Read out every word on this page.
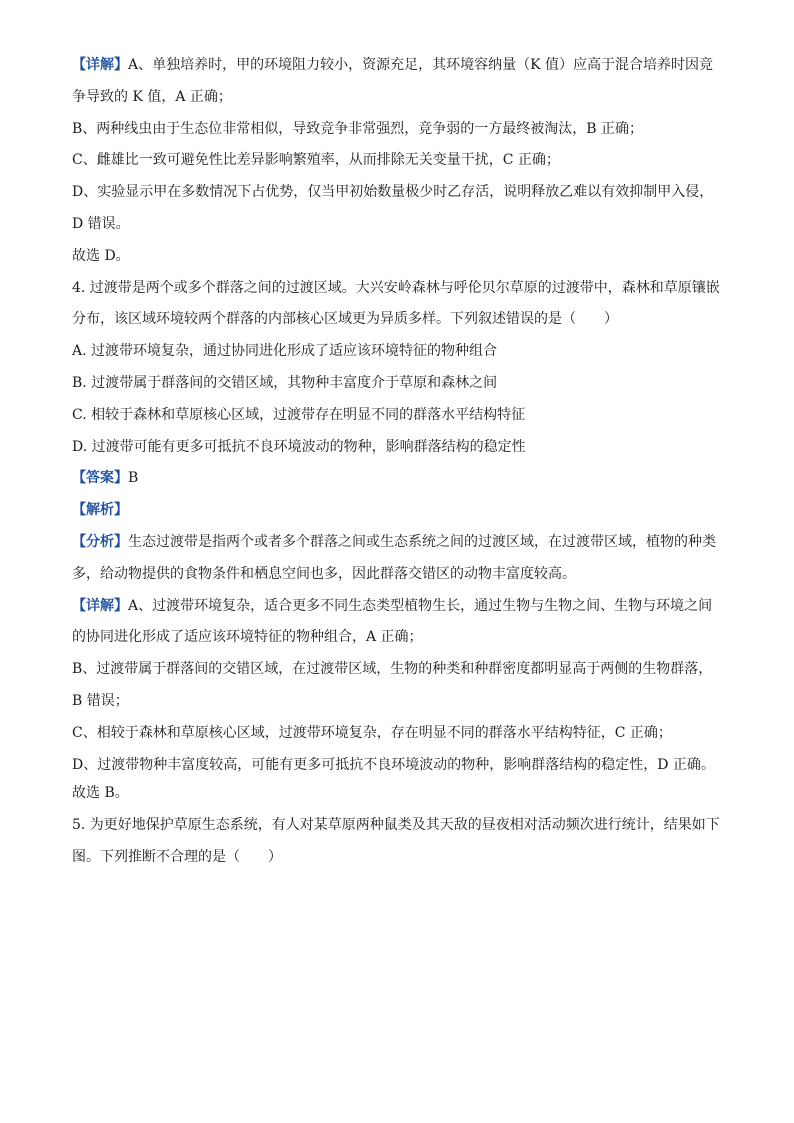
【详解】A、单独培养时，甲的环境阻力较小，资源充足，其环境容纳量（K 值）应高于混合培养时因竞
争导致的 K 值，A 正确；
B、两种线虫由于生态位非常相似，导致竞争非常强烈，竞争弱的一方最终被淘汰，B 正确；
C、雌雄比一致可避免性比差异影响繁殖率，从而排除无关变量干扰，C 正确；
D、实验显示甲在多数情况下占优势，仅当甲初始数量极少时乙存活，说明释放乙难以有效抑制甲入侵，
D 错误。
故选 D。
4. 过渡带是两个或多个群落之间的过渡区域。大兴安岭森林与呼伦贝尔草原的过渡带中，森林和草原镶嵌
分布，该区域环境较两个群落的内部核心区域更为异质多样。下列叙述错误的是（　　）
A. 过渡带环境复杂，通过协同进化形成了适应该环境特征的物种组合
B. 过渡带属于群落间的交错区域，其物种丰富度介于草原和森林之间
C. 相较于森林和草原核心区域，过渡带存在明显不同的群落水平结构特征
D. 过渡带可能有更多可抵抗不良环境波动的物种，影响群落结构的稳定性
【答案】B
【解析】
【分析】生态过渡带是指两个或者多个群落之间或生态系统之间的过渡区域，在过渡带区域，植物的种类
多，给动物提供的食物条件和栖息空间也多，因此群落交错区的动物丰富度较高。
【详解】A、过渡带环境复杂，适合更多不同生态类型植物生长，通过生物与生物之间、生物与环境之间
的协同进化形成了适应该环境特征的物种组合，A 正确；
B、过渡带属于群落间的交错区域，在过渡带区域，生物的种类和种群密度都明显高于两侧的生物群落，
B 错误；
C、相较于森林和草原核心区域，过渡带环境复杂，存在明显不同的群落水平结构特征，C 正确；
D、过渡带物种丰富度较高，可能有更多可抵抗不良环境波动的物种，影响群落结构的稳定性，D 正确。
故选 B。
5. 为更好地保护草原生态系统，有人对某草原两种鼠类及其天敌的昼夜相对活动频次进行统计，结果如下
图。下列推断不合理的是（　　）
